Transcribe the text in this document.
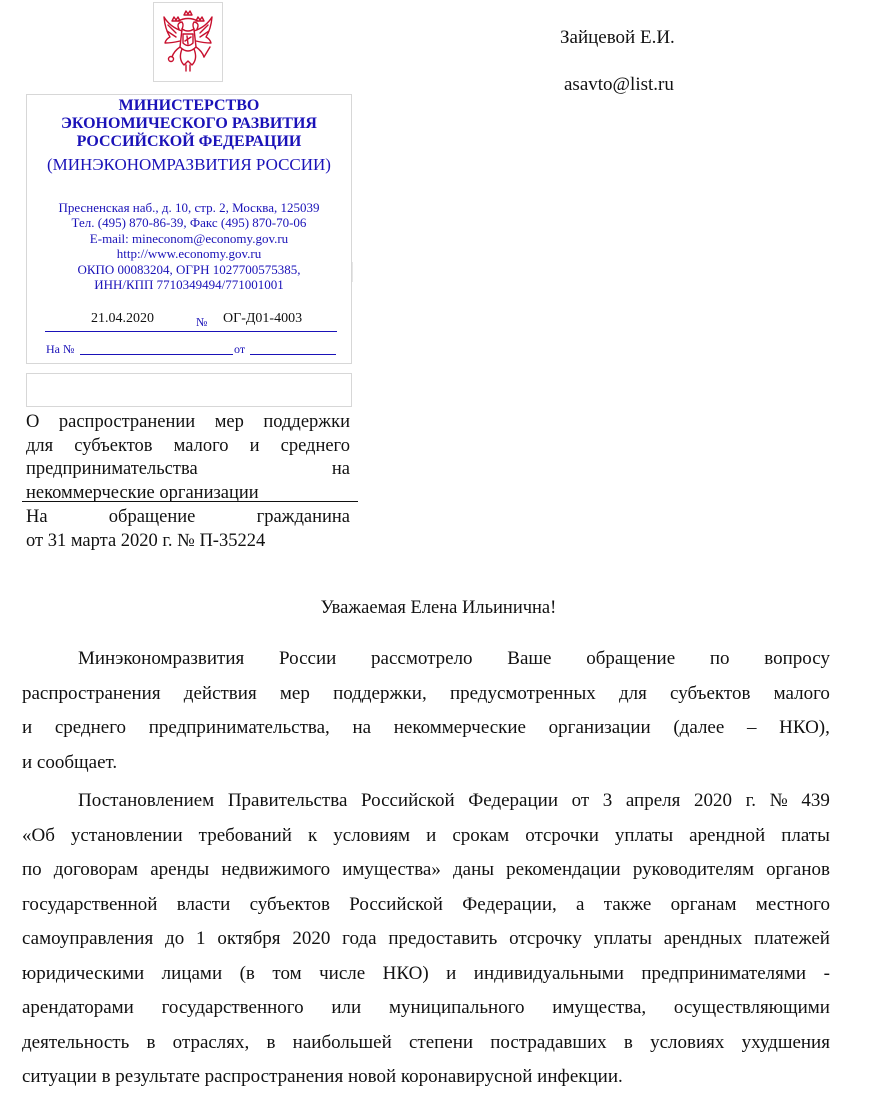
Зайцевой Е.И.
asavto@list.ru
МИНИСТЕРСТВО
ЭКОНОМИЧЕСКОГО РАЗВИТИЯ
РОССИЙСКОЙ ФЕДЕРАЦИИ
(МИНЭКОНОМРАЗВИТИЯ РОССИИ)
Пресненская наб., д. 10, стр. 2, Москва, 125039
Тел. (495) 870-86-39, Факс (495) 870-70-06
E-mail: mineconom@economy.gov.ru
http://www.economy.gov.ru
ОКПО 00083204, ОГРН 1027700575385,
ИНН/КПП 7710349494/771001001
21.04.2020	№ ОГ-Д01-4003
На №	от
О распространении мер поддержки
для субъектов малого и среднего
предпринимательства	на
некоммерческие организации
На	обращение	гражданина
от 31 марта 2020 г. № П-35224
Уважаемая Елена Ильинична!
Минэкономразвития России рассмотрело Ваше обращение по вопросу
распространения действия мер поддержки, предусмотренных для субъектов малого
и среднего предпринимательства, на некоммерческие организации (далее – НКО),
и сообщает.
Постановлением Правительства Российской Федерации от 3 апреля 2020 г. № 439
«Об установлении требований к условиям и срокам отсрочки уплаты арендной платы
по договорам аренды недвижимого имущества» даны рекомендации руководителям органов
государственной власти субъектов Российской Федерации, а также органам местного
самоуправления до 1 октября 2020 года предоставить отсрочку уплаты арендных платежей
юридическими лицами (в том числе НКО) и индивидуальными предпринимателями -
арендаторами государственного или муниципального имущества, осуществляющими
деятельность в отраслях, в наибольшей степени пострадавших в условиях ухудшения
ситуации в результате распространения новой коронавирусной инфекции.
